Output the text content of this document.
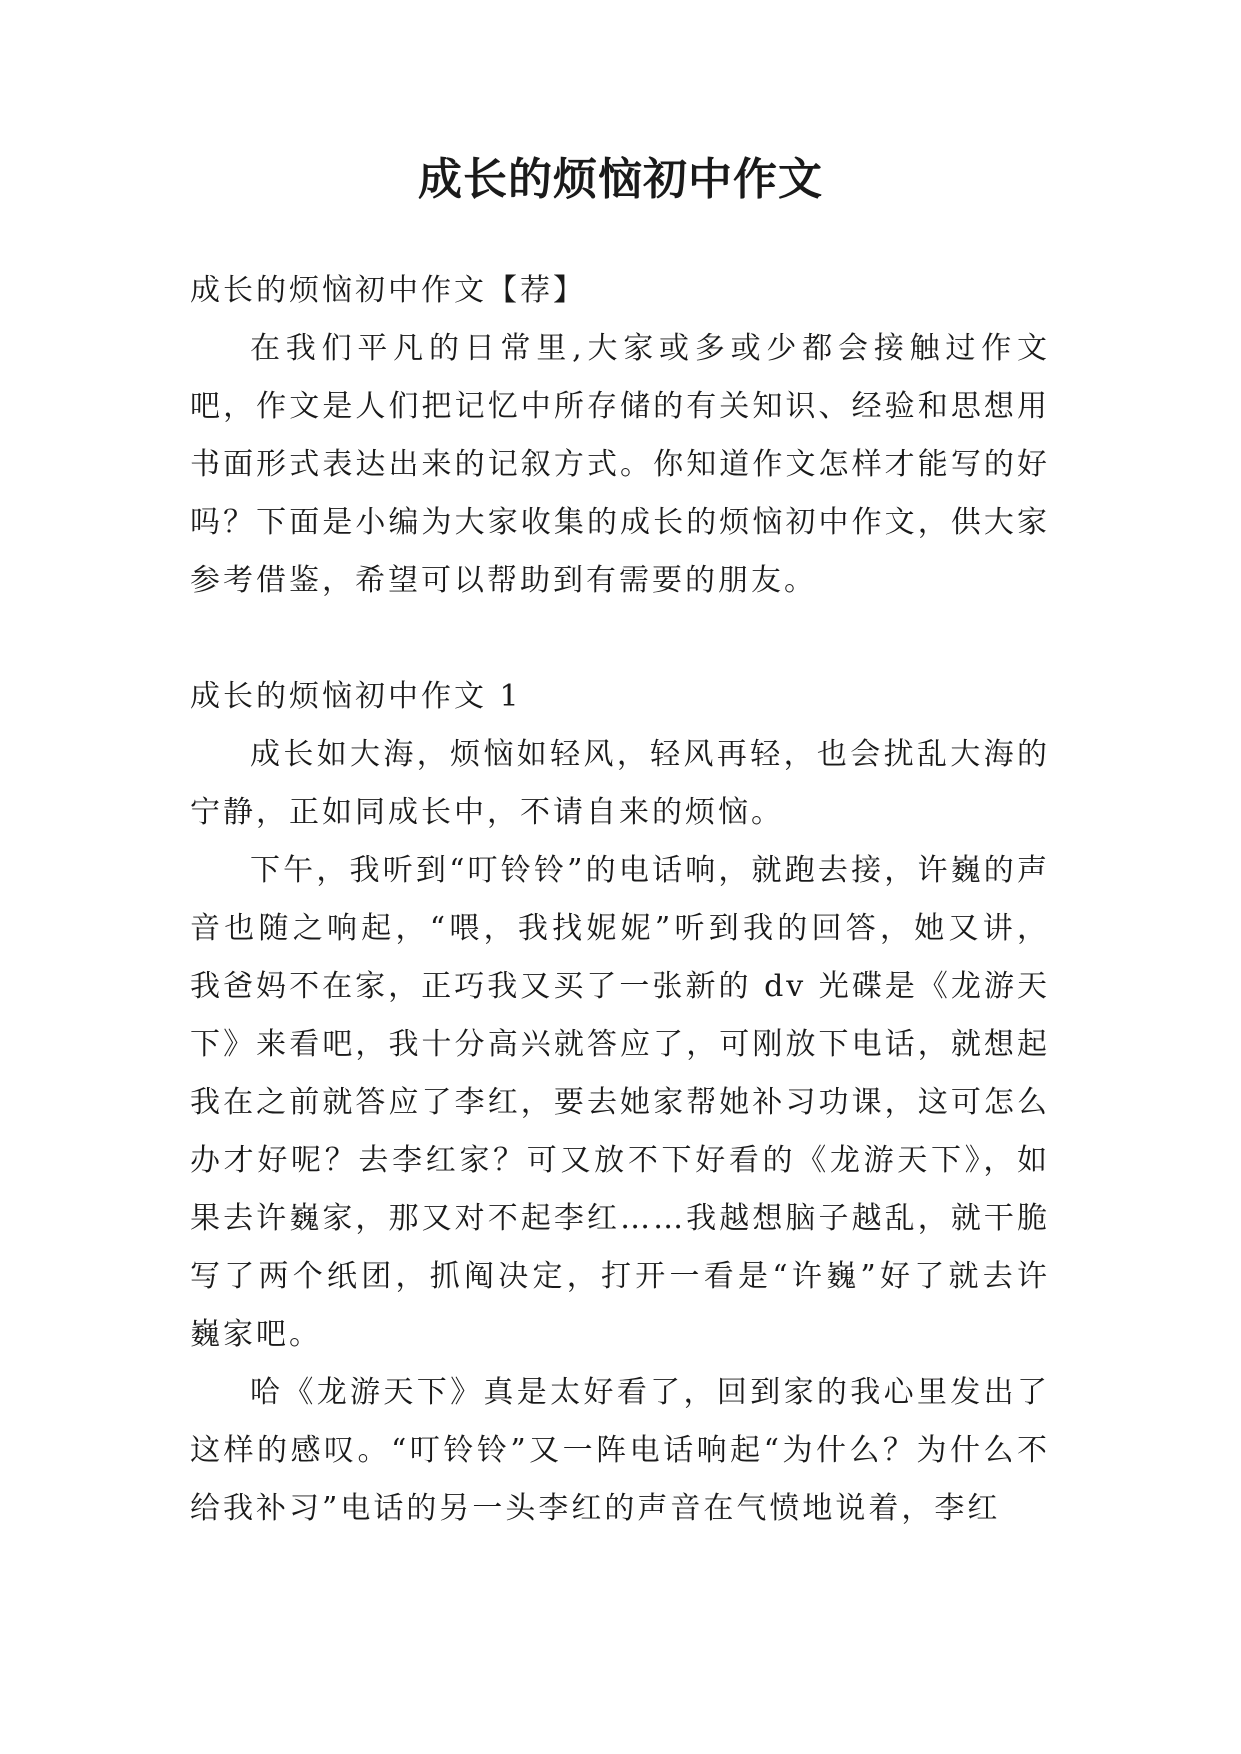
成长的烦恼初中作文

成长的烦恼初中作文【荐】

在我们平凡的日常里,大家或多或少都会接触过作文吧，作文是人们把记忆中所存储的有关知识、经验和思想用书面形式表达出来的记叙方式。你知道作文怎样才能写的好吗？下面是小编为大家收集的成长的烦恼初中作文，供大家参考借鉴，希望可以帮助到有需要的朋友。

成长的烦恼初中作文 1

成长如大海，烦恼如轻风，轻风再轻，也会扰乱大海的宁静，正如同成长中，不请自来的烦恼。

下午，我听到“叮铃铃”的电话响，就跑去接，许巍的声音也随之响起，“喂，我找妮妮”听到我的回答，她又讲，我爸妈不在家，正巧我又买了一张新的 dv 光碟是《龙游天下》来看吧，我十分高兴就答应了，可刚放下电话，就想起我在之前就答应了李红，要去她家帮她补习功课，这可怎么办才好呢？去李红家？可又放不下好看的《龙游天下》，如果去许巍家，那又对不起李红……我越想脑子越乱，就干脆写了两个纸团，抓阄决定，打开一看是“许巍”好了就去许巍家吧。

哈《龙游天下》真是太好看了，回到家的我心里发出了这样的感叹。“叮铃铃”又一阵电话响起“为什么？为什么不给我补习”电话的另一头李红的声音在气愤地说着，李红
